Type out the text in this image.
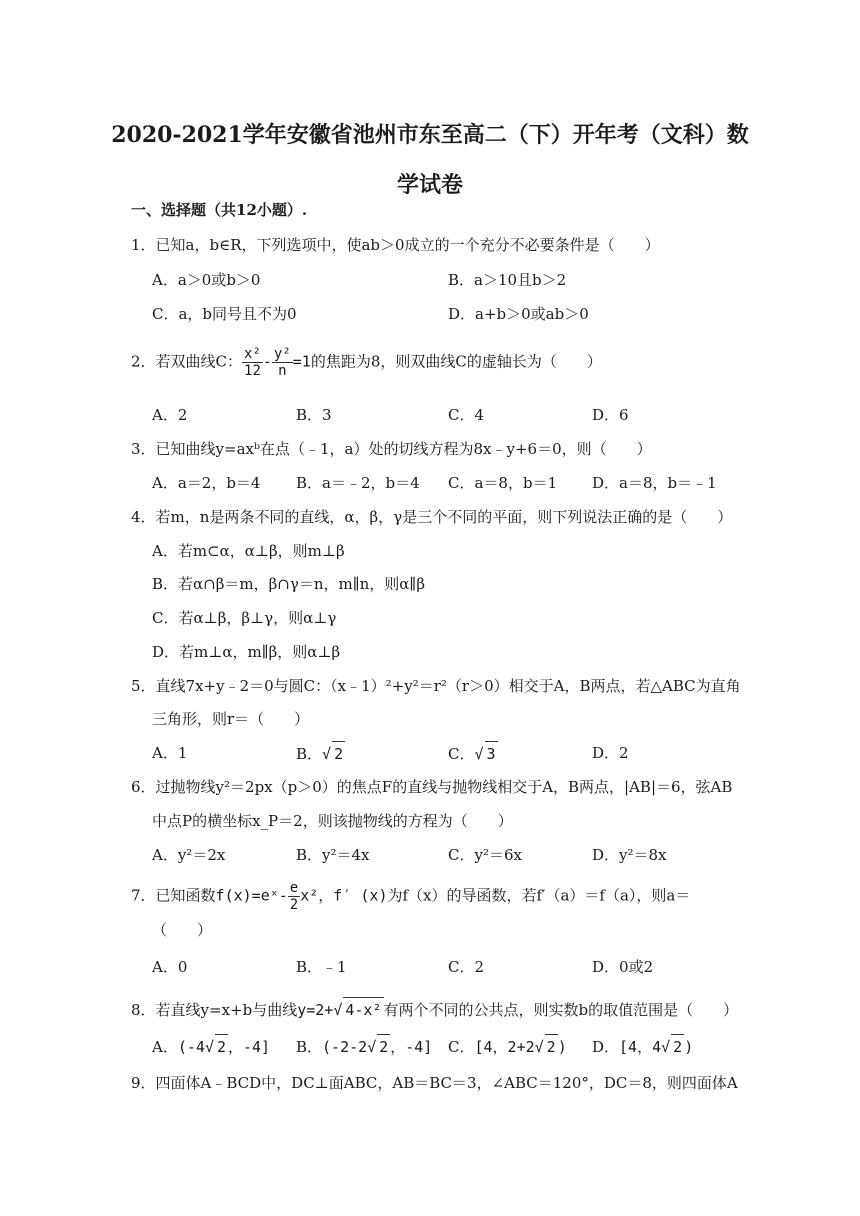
2020-2021学年安徽省池州市东至高二（下）开年考（文科）数
学试卷
一、选择题（共12小题）.
1．已知a，b∈R，下列选项中，使ab＞0成立的一个充分不必要条件是（　　）
A．a＞0或b＞0	B．a＞10且b＞2
C．a，b同号且不为0	D．a+b＞0或ab＞0
2．若双曲线C： $\frac{\text{x²}}{12} - \frac{\text{y²}}{n} =1$的焦距为8，则双曲线C的虚轴长为（　　）
A．2	B．3	C．4	D．6
3．已知曲线y=axᵇ在点（﹣1，a）处的切线方程为8x﹣y+6＝0，则（　　）
A．a＝2，b＝4 B．a＝﹣2，b＝4 C．a＝8，b＝1 D．a＝8，b＝﹣1
4．若m，n是两条不同的直线，α，β，γ是三个不同的平面，则下列说法正确的是（　　）
A．若m⊂α，α⊥β，则m⊥β
B．若α∩β＝m，β∩γ＝n，m∥n，则α∥β
C．若α⊥β，β⊥γ，则α⊥γ
D．若m⊥α，m∥β，则α⊥β
5．直线7x+y﹣2＝0与圆C：（x﹣1）²+y²＝r²（r＞0）相交于A，B两点，若△ABC为直角
三角形，则r＝（　　）
A．1	B．√ 2	C．√ 3	D．2
6．过抛物线y²＝2px（p＞0）的焦点F的直线与抛物线相交于A，B两点，|AB|＝6，弦AB
中点P的横坐标x_P＝2，则该抛物线的方程为（　　）
A．y²＝2x	B．y²＝4x	C．y²＝6x	D．y²＝8x
7．已知函数f(x)=eˣ- $\frac{e}{2} x^2$，f′ (x)为f（x）的导函数，若f′（a）＝f（a），则a＝
（　　）
A．0	B．﹣1	C．2	D．0或2
8．若直线y=x+b与曲线y=2+√ 4-x² 有两个不同的公共点，则实数b的取值范围是（　　）
A．(-4√ 2 ，-4] B．(-2-2√ 2 ，-4] C．[4，2+2√ 2 ) D．[4，4√ 2 )
9．四面体A﹣BCD中，DC⊥面ABC，AB＝BC＝3，∠ABC＝120°，DC＝8，则四面体A
